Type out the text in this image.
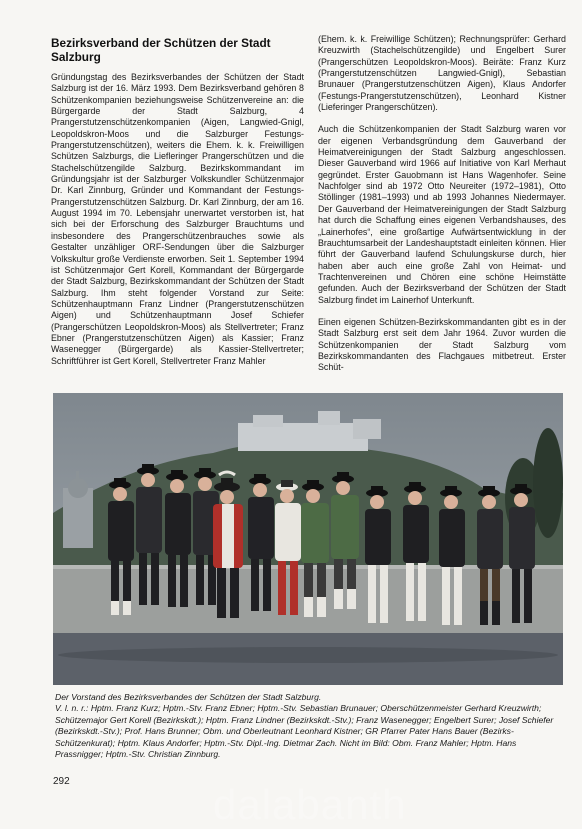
Bezirksverband der Schützen der Stadt Salzburg

Gründungstag des Bezirksverbandes der Schützen der Stadt Salzburg ist der 16. März 1993. Dem Bezirksverband gehören 8 Schützenkompanien beziehungsweise Schützenvereine an: die Bürgergarde der Stadt Salzburg, 4 Prangerstutzenschützenkompanien (Aigen, Langwied-Gnigl, Leopoldskron-Moos und die Salzburger Festungs-Prangerstutzenschützen), weiters die Ehem. k. k. Freiwilligen Schützen Salzburgs, die Liefleringer Prangerschützen und die Stachelschützengilde Salzburg. Bezirkskommandant im Gründungsjahr ist der Salzburger Volkskundler Schützenmajor Dr. Karl Zinnburg, Gründer und Kommandant der Festungs-Prangerstutzenschützen Salzburg. Dr. Karl Zinnburg, der am 16. August 1994 im 70. Lebensjahr unerwartet verstorben ist, hat sich bei der Erforschung des Salzburger Brauchtums und insbesondere des Prangerschützenbrauches sowie als Gestalter unzähliger ORF-Sendungen über die Salzburger Volkskultur große Verdienste erworben. Seit 1. September 1994 ist Schützenmajor Gert Korell, Kommandant der Bürgergarde der Stadt Salzburg, Bezirkskommandant der Schützen der Stadt Salzburg. Ihm steht folgender Vorstand zur Seite: Schützenhauptmann Franz Lindner (Prangerstutzenschützen Aigen) und Schützenhauptmann Josef Schiefer (Prangerschützen Leopoldskron-Moos) als Stellvertreter; Franz Ebner (Prangerstutzenschützen Aigen) als Kassier; Franz Wasenegger (Bürgergarde) als Kassier-Stellvertreter; Schriftführer ist Gert Korell, Stellvertreter Franz Mahler

(Ehem. k. k. Freiwillige Schützen); Rechnungsprüfer: Gerhard Kreuzwirth (Stachelschützengilde) und Engelbert Surer (Prangerschützen Leopoldskron-Moos). Beiräte: Franz Kurz (Prangerstutzenschützen Langwied-Gnigl), Sebastian Brunauer (Prangerstutzenschützen Aigen), Klaus Andorfer (Festungs-Prangerstutzenschützen), Leonhard Kistner (Lieferinger Prangerschützen).

Auch die Schützenkompanien der Stadt Salzburg waren vor der eigenen Verbandsgründung dem Gauverband der Heimatvereinigungen der Stadt Salzburg angeschlossen. Dieser Gauverband wird 1966 auf Initiative von Karl Merhaut gegründet. Erster Gauobmann ist Hans Wagenhofer. Seine Nachfolger sind ab 1972 Otto Neureiter (1972–1981), Otto Stöllinger (1981–1993) und ab 1993 Johannes Niedermayer. Der Gauverband der Heimatvereinigungen der Stadt Salzburg hat durch die Schaffung eines eigenen Verbandshauses, des „Lainerhofes“, eine großartige Aufwärtsentwicklung in der Brauchtumsarbeit der Landeshauptstadt einleiten können. Hier führt der Gauverband laufend Schulungskurse durch, hier haben aber auch eine große Zahl von Heimat- und Trachtenvereinen und Chören eine schöne Heimstätte gefunden. Auch der Bezirksverband der Schützen der Stadt Salzburg findet im Lainerhof Unterkunft.

Einen eigenen Schützen-Bezirkskommandanten gibt es in der Stadt Salzburg erst seit dem Jahr 1964. Zuvor wurden die Schützenkompanien der Stadt Salzburg vom Bezirkskommandanten des Flachgaues mitbetreut. Erster Schüt-

dalabanth

Der Vorstand des Bezirksverbandes der Schützen der Stadt Salzburg.
V. l. n. r.: Hptm. Franz Kurz; Hptm.-Stv. Franz Ebner; Hptm.-Stv. Sebastian Brunauer; Oberschützenmeister Gerhard Kreuzwirth; Schützemajor Gert Korell (Bezirkskdt.); Hptm. Franz Lindner (Bezirkskdt.-Stv.); Franz Wasenegger; Engelbert Surer; Josef Schiefer (Bezirkskdt.-Stv.); Prof. Hans Brunner; Obm. und Oberleutnant Leonhard Kistner; GR Pfarrer Pater Hans Bauer (Bezirks-Schützenkurat); Hptm. Klaus Andorfer; Hptm.-Stv. Dipl.-Ing. Dietmar Zach. Nicht im Bild: Obm. Franz Mahler; Hptm. Hans Prassnigger; Hptm.-Stv. Christian Zinnburg.

292
